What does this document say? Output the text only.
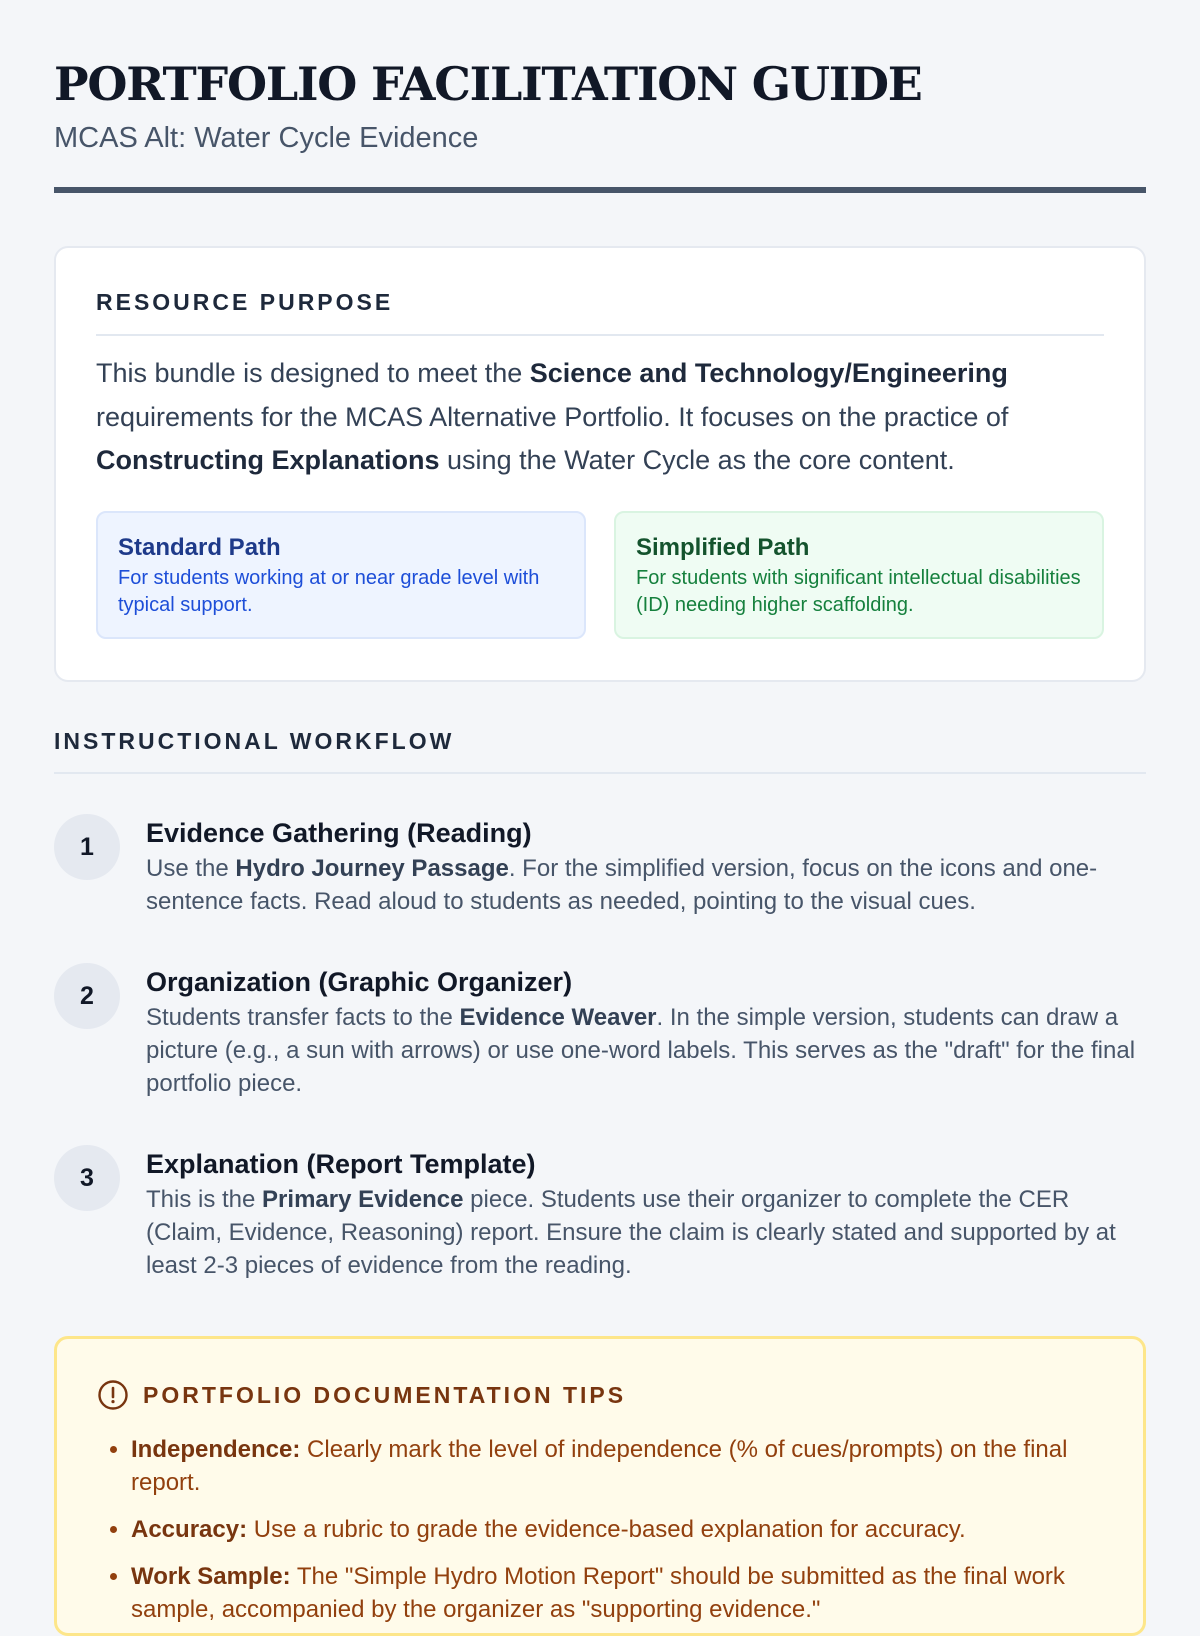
PORTFOLIO FACILITATION GUIDE
MCAS Alt: Water Cycle Evidence
RESOURCE PURPOSE

This bundle is designed to meet the Science and Technology/Engineering requirements for the MCAS Alternative Portfolio. It focuses on the practice of Constructing Explanations using the Water Cycle as the core content.

Standard Path
For students working at or near grade level with typical support.
Simplified Path
For students with significant intellectual disabilities (ID) needing higher scaffolding.
INSTRUCTIONAL WORKFLOW
1	Evidence Gathering (Reading)
Use the Hydro Journey Passage. For the simplified version, focus on the icons and one-sentence facts. Read aloud to students as needed, pointing to the visual cues.
2	Organization (Graphic Organizer)
Students transfer facts to the Evidence Weaver. In the simple version, students can draw a picture (e.g., a sun with arrows) or use one-word labels. This serves as the "draft" for the final portfolio piece.
3	Explanation (Report Template)
This is the Primary Evidence piece. Students use their organizer to complete the CER (Claim, Evidence, Reasoning) report. Ensure the claim is clearly stated and supported by at least 2-3 pieces of evidence from the reading.
PORTFOLIO DOCUMENTATION TIPS
• Independence: Clearly mark the level of independence (% of cues/prompts) on the final report.
• Accuracy: Use a rubric to grade the evidence-based explanation for accuracy.
• Work Sample: The "Simple Hydro Motion Report" should be submitted as the final work sample, accompanied by the organizer as "supporting evidence."
